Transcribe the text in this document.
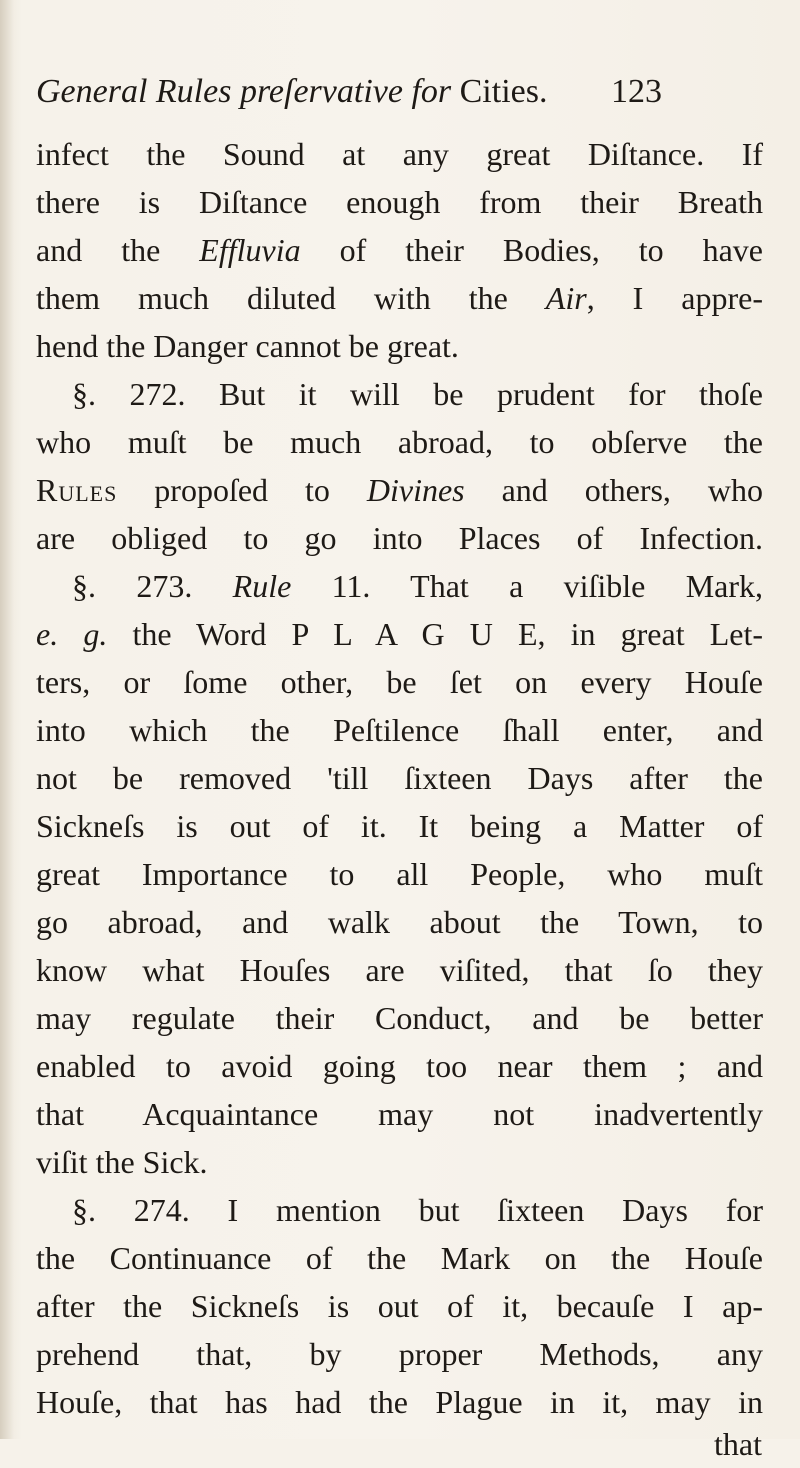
General Rules preſervative for Cities. 123
infect the Sound at any great Diſtance. If
there is Diſtance enough from their Breath
and the Effluvia of their Bodies, to have
them much diluted with the Air, I appre-
hend the Danger cannot be great.
§. 272. But it will be prudent for thoſe
who muſt be much abroad, to obſerve the
Rules propoſed to Divines and others, who
are obliged to go into Places of Infection.
§. 273. Rule 11. That a viſible Mark,
e. g. the Word P L A G U E, in great Let-
ters, or ſome other, be ſet on every Houſe
into which the Peſtilence ſhall enter, and
not be removed 'till ſixteen Days after the
Sickneſs is out of it. It being a Matter of
great Importance to all People, who muſt
go abroad, and walk about the Town, to
know what Houſes are viſited, that ſo they
may regulate their Conduct, and be better
enabled to avoid going too near them ; and
that Acquaintance may not inadvertently
viſit the Sick.
§. 274. I mention but ſixteen Days for
the Continuance of the Mark on the Houſe
after the Sickneſs is out of it, becauſe I ap-
prehend that, by proper Methods, any
Houſe, that has had the Plague in it, may in
that
